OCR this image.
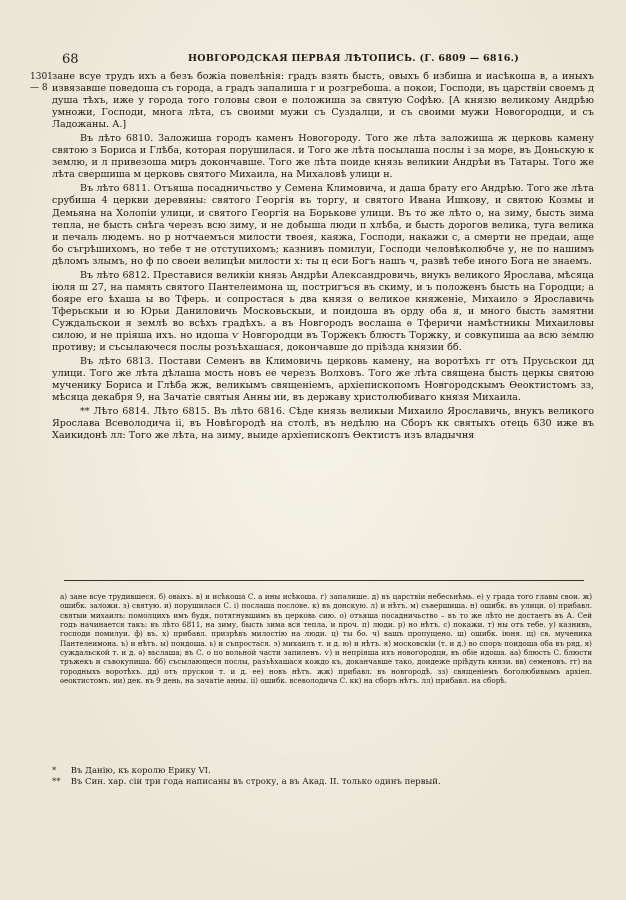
68	НОВГОРОДСКАЯ ПЕРВАЯ ЛѢТОПИСЬ. (Г. 6809 — 6816.)
1301
— 8

зане всуе трудъ ихъ а безъ божiа повелѣнiя: градъ взять бысть, овыхъ б избиша и иасѣкоша в, а иныхъ извязавше поведоша съ города, а градъ запалиша г и розгребоша. а покои, Господи, въ царствiи своемъ д душа тѣхъ, иже у города того головы свои е положиша за святую Софѣю. [А князю великому Андрѣю умножи, Господи, многа лѣта, съ своими мужи съ Суздалци, и съ своими мужи Новогородци, и съ Ладожаны. А.]

Въ лѣто 6810. Заложиша городъ каменъ Новогороду. Того же лѣта заложиша ж церковь камену святою з Бориса и Глѣба, которая порушилася. и Того же лѣта посылаша послы i за море, въ Доньскую к землю, и л привезоша миръ докончавше. Того же лѣта поиде князь великии Андрѣи въ Татары. Того же лѣта свершиша м церковь святого Михаила, на Михаловѣ улици н.

Въ лѣто 6811. Отъяша посадничьство у Семена Климовича, и даша брату его Андрѣю. Того же лѣта срубиша 4 церкви деревяны: святого Георгiя въ торгу, и святого Ивана Ишкову, и святою Козмы и Демьяна на Холопiи улици, и святого Георгiя на Борькове улици. Въ то же лѣто о, на зиму, бысть зима тепла, не бысть снѣга черезъ всю зиму, и не добыша люди п хлѣба, и бысть дорогов велика, туга велика и печаль людемъ. но р нотчаемъся милости твоея, каяжа, Господи, накажи с, а смерти не предаи, аще бо съгрѣшихомъ, но тебе т не отступихомъ; казнивъ помилуи, Господи человѣколюбче у, не по нашимъ дѣломъ злымъ, но ф по своеи велицѣи милости х: ты ц еси Богъ нашъ ч, развѣ тебе иного Бога не знаемъ.

Въ лѣто 6812. Преставися великiи князь Андрѣи Александровичь, внукъ великого Ярослава, мѣсяца iюля ш 27, на память святого Пантелеимона щ, постригъся въ скиму, и ъ положенъ бысть на Городци; а бояре его ѣхаша ы во Тферь. и сопростася ь два князя о великое княженiе, Михаило э Ярославичь Тферьскыи и ю Юрьи Даниловичь Московьскыи, и поидоша въ орду оба я, и много бысть замятни Суждальскои я землѣ во всѣхъ градѣхъ. а въ Новгородъ вослаша ѳ Тферичи намѣстникы Михаиловы силою, и не прiяша ихъ. но идоша ѵ Новгородци въ Торжекъ блюсть Торжку, и совкупиша аа всю землю противу; и съсылаючеся послы розъѣхашася, докончавше до прiѣзда князии бб.

Въ лѣто 6813. Постави Семенъ вв Климовичь церковь камену, на воротѣхъ гг отъ Прусьскои дд улици. Того же лѣта дѣлаша мость новъ ее черезъ Волховъ. Того же лѣта священа бысть церкы святою мученику Бориса и Глѣба жж, великымъ священiемъ, архiепископомъ Новгородскымъ Ѳеоктистомъ зз, мѣсяца декабря 9, на Зачатiе святыя Анны ии, въ державу христолюбиваго князя Михаила.

** Лѣто 6814. Лѣто 6815. Въ лѣто 6816. Сѣде князь великыи Михаило Ярославичь, внукъ великого Ярослава Всеволодича ii, въ Новѣгородѣ на столѣ, въ недѣлю на Сборъ кк святыхъ отець 630 иже въ Хаикидонѣ лл: Того же лѣта, на зиму, выиде архiепископъ Ѳектистъ изъ владычня

а) зане всуе трудившеся. б) овыхъ. в) и исѣкоша С. а ины исѣкоша. г) запалише. д) въ царствiи небесьнѣмь. е) у града того главы свои. ж) ошибк. заложи. з) святую. и) порушилася С. i) послаша послове. к) въ донскую. л) и нѣтъ. м) съвершиша. н) ошибк. въ улици. о) прибавл. святыи михаилъ: помолцихъ имъ будя, потягнувшимъ въ церковь сию. о) отъяша посадничьство – въ то же лѣто не достаетъ въ А. Сей годъ начинается такъ: въ лѣто 6811, на зиму, бысть зима вся тепла, и проч. п) люди. р) но нѣтъ. с) покажи. т) ны отъ тебе. у) казнивъ, господи помилуи. ф) въ. х) прибавл. призрѣвъ милостiю на люди. ц) ты бо. ч) вашъ пропущено. ш) ошибк. iюня. щ) св. мученика Пантелеимона. ъ) и нѣтъ. ы) поидоша. ь) и съпростася. э) михаилъ т. и д. ю) и нѣтъ. я) московскiи (т. и д.) во споръ поидоша оба въ ряд. я) суждальской т. и д. ѳ) вьслаша; въ С. о по вольной части запиленъ. ѵ) и непрiяша ихъ новогородци, въ обiе идоша. аа) блюсть С. блюсти тръжекъ и съвокупиша. бб) съсылающеся послы, разъѣхашася кождо къ, доканчавше тако, доидеже прiѣдуть князи. вв) семеновъ. гг) на городныхъ воротѣхъ. дд) отъ прускои т. и д. ее) новъ нѣтъ. жж) прибавл. въ новгородѣ. зз) священiемъ боголюбивымъ архiеп. ѳеоктистомъ. ии) дек. въ 9 день, на зачатiе анны. ii) ошибк. всеволодича С. кк) на сборъ нѣтъ. лл) прибавл. на сборѣ.
* Въ Данiю, къ королю Ерику VI.
** Въ Син. хар. сiи три года написаны въ строку, а въ Акад. II. только одинъ первый.
